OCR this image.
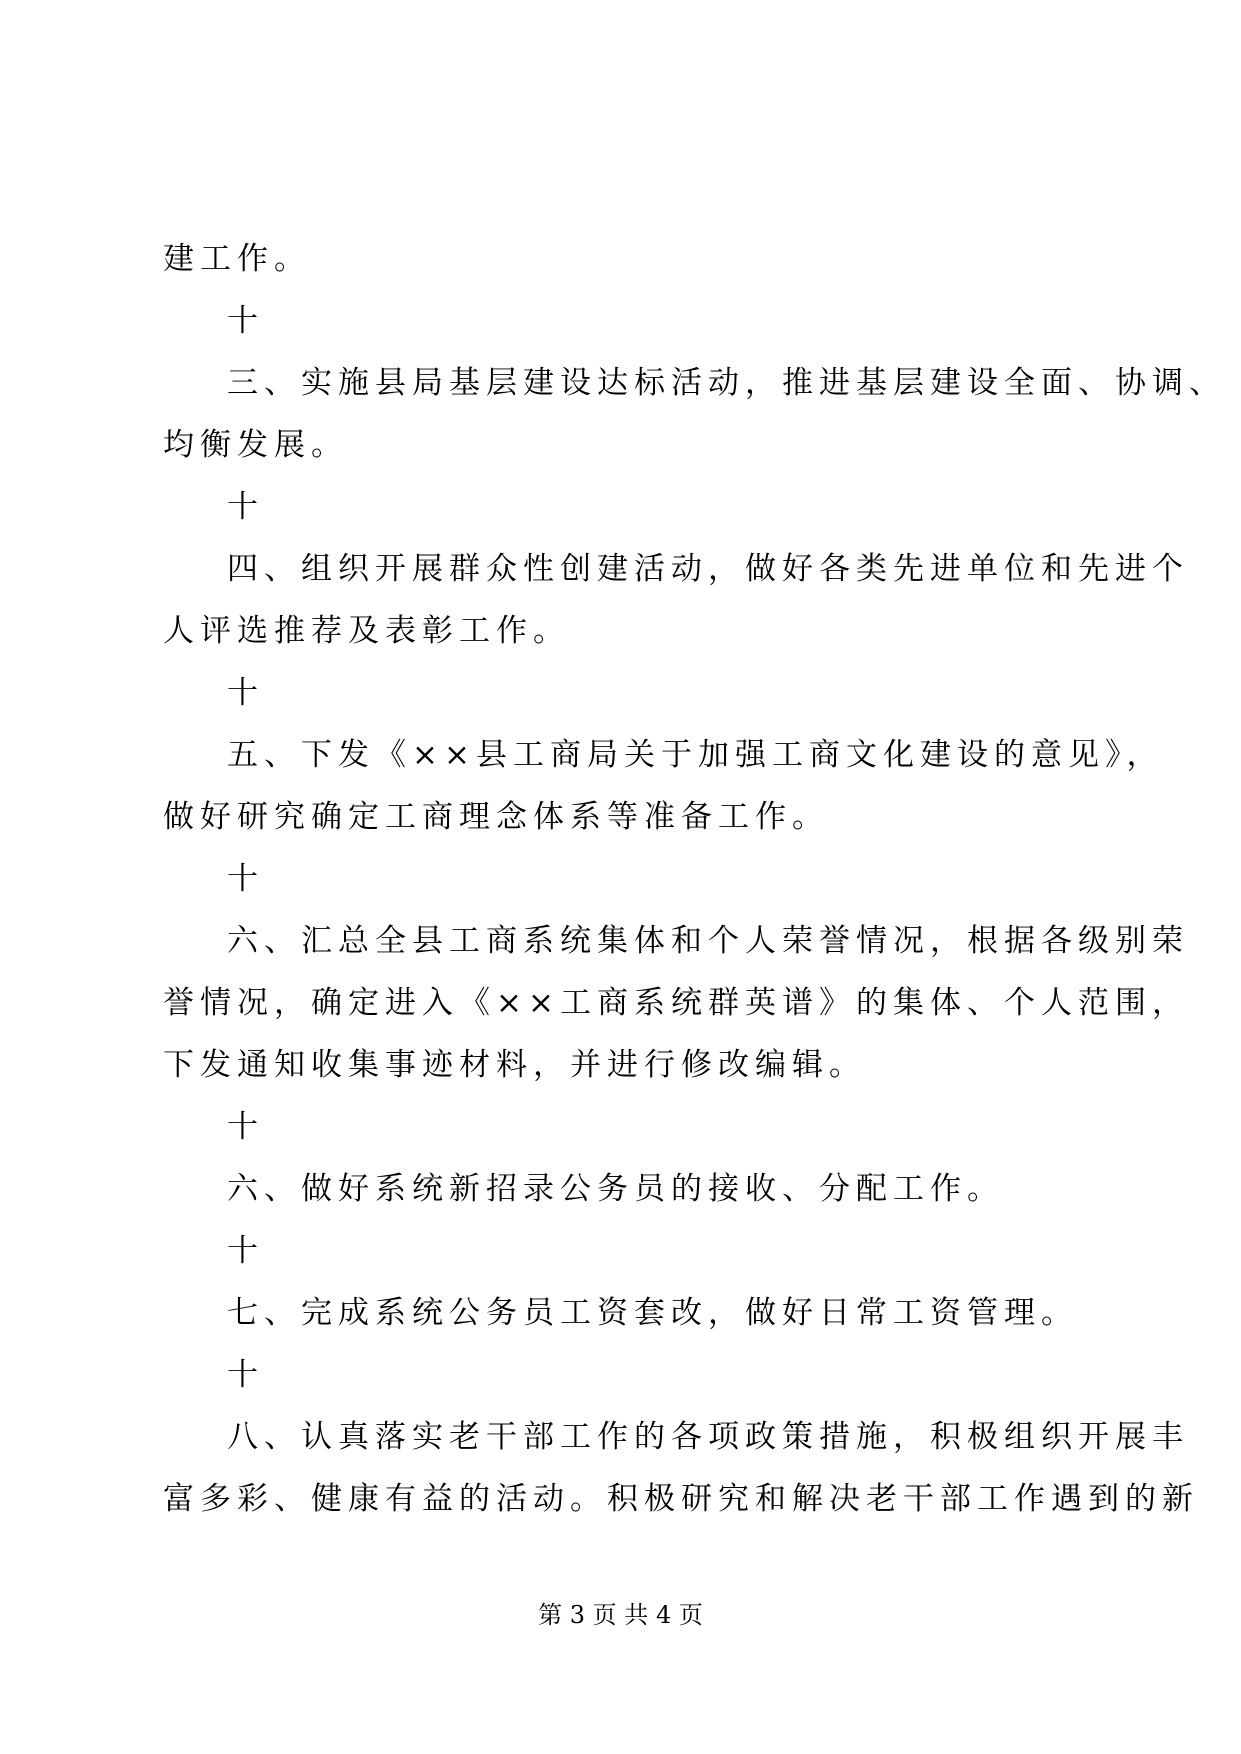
建工作。

十

三、实施县局基层建设达标活动，推进基层建设全面、协调、

均衡发展。

十

四、组织开展群众性创建活动，做好各类先进单位和先进个

人评选推荐及表彰工作。

十

五、下发《××县工商局关于加强工商文化建设的意见》，

做好研究确定工商理念体系等准备工作。

十

六、汇总全县工商系统集体和个人荣誉情况，根据各级别荣

誉情况，确定进入《××工商系统群英谱》的集体、个人范围，

下发通知收集事迹材料，并进行修改编辑。

十

六、做好系统新招录公务员的接收、分配工作。

十

七、完成系统公务员工资套改，做好日常工资管理。

十

八、认真落实老干部工作的各项政策措施，积极组织开展丰

富多彩、健康有益的活动。积极研究和解决老干部工作遇到的新

第 3 页 共 4 页
